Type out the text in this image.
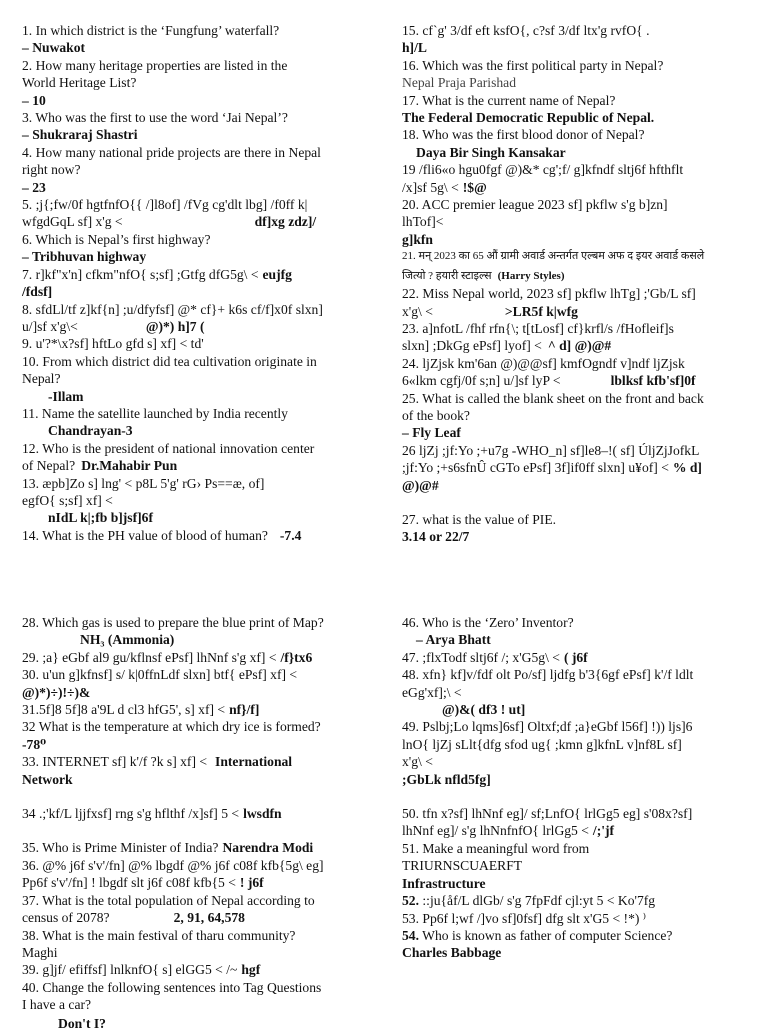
1. In which district is the ‘Fungfung’ waterfall?
– Nuwakot
2. How many heritage properties are listed in the
World Heritage List?
– 10
3. Who was the first to use the word ‘Jai Nepal’?
– Shukraraj Shastri
4. How many national pride projects are there in Nepal
right now?
– 23
5. ;j{;fw/0f hgtfnfO{{ /]l8of] /fVg cg'dlt lbg] /f0ff k|
wfgdGqL sf] x'g <	df]xg zdz]/
6. Which is Nepal’s first highway?
– Tribhuvan highway
7. r]kf"x'n] cfkm"nfO{ s;sf] ;Gtfg dfG5g\ < eujfg
/fdsf]
8. sfdLl/tf z]kf{n] ;u/dfyfsf] @* cf}+ k6s cf/f]x0f slxn]
u/]sf x'g\<	@)*) h]7 (
9. u'?*\x?sf] hftLo gfd s] xf] < td'
10. From which district did tea cultivation originate in
Nepal?
-Illam
11. Name the satellite launched by India recently
Chandrayan-3
12. Who is the president of national innovation center
of Nepal? Dr.Mahabir Pun
13. æpb]Zo s] lng' < p8L 5'g' rG› Ps==æ, of]
egfO{ s;sf] xf] <
nIdL k|;fb b]jsf]6f
14. What is the PH value of blood of human? -7.4
15. cf`g' 3/df eft ksfO{, c?sf 3/df ltx'g rvfO{ .
h]/L
16. Which was the first political party in Nepal?
Nepal Praja Parishad
17. What is the current name of Nepal?
The Federal Democratic Republic of Nepal.
18. Who was the first blood donor of Nepal?
Daya Bir Singh Kansakar
19 /fli6«o hgu0fgf @)&* cg';f/ g]kfndf sltj6f hfthflt
/x]sf 5g\ < !$@
20. ACC premier league 2023 sf] pkflw s'g b]zn]
lhTof]<
g]kfn
21. मन् 2023 का 65 औं ग्रामी अवार्ड अन्तर्गत एल्बम अफ द इयर अवार्ड कसले
जित्यो ? हयारी स्टाइल्स (Harry Styles)
22. Miss Nepal world, 2023 sf] pkflw lhTg] ;'Gb/L sf]
x'g\ <	>LR5f k|wfg
23. a]nfotL /fhf rfn{\; t[tLosf] cf}krfl/s /fHofleif]s
slxn] ;DkGg ePsf] lyof] < ^ d] @)@#
24. ljZjsk km'6an @)@@sf] kmfOgndf v]ndf ljZjsk
6«lkm cgfj/0f s;n] u/]sf lyP <	lblksf kfb'sf]0f
25. What is called the blank sheet on the front and back
of the book?
– Fly Leaf
26 ljZj ;jf:Yo ;+u7g -WHO_n] sf]le8–!( sf] ÚljZjJofkL
;jf:Yo ;+s6sfnÛ cGTo ePsf] 3f]if0ff slxn] u¥of] < % d]
@)@#
27. what is the value of PIE.
3.14 or 22/7
28. Which gas is used to prepare the blue print of Map?
NH₃ (Ammonia)
29. ;a} eGbf al9 gu/kflnsf ePsf] lhNnf s'g xf] < /f}tx6
30. u'un g]kfnsf] s/ k|0ffnLdf slxn] btf{ ePsf] xf] <
@)*)÷)!÷)&
31.5f]8 5f]8 a'9L d cl3 hfG5', s] xf] < nf}/f]
32 What is the temperature at which dry ice is formed?
-78⁰
33. INTERNET sf] k'/f ?k s] xf] < International
Network
34 .;'kf/L ljjfxsf] rng s'g hflthf /x]sf] 5 < lwsdfn
35. Who is Prime Minister of India? Narendra Modi
36. @% j6f s'v'/fn] @% lbgdf @% j6f c08f kfb{5g\ eg]
Pp6f s'v'/fn] ! lbgdf slt j6f c08f kfb{5 < ! j6f
37. What is the total population of Nepal according to
census of 2078?	2, 91, 64,578
38. What is the main festival of tharu community?
Maghi
39. g]jf/ efiffsf] lnlknfO{ s] elGG5 < /~ hgf
40. Change the following sentences into Tag Questions
I have a car?
46. Who is the ‘Zero’ Inventor?
– Arya Bhatt
47. ;flxTodf sltj6f /; x'G5g\ < ( j6f
48. xfn} kf]v/fdf olt Po/sf] ljdfg b'3{6gf ePsf] k'/f ldlt
eGg'xf];\ <
@)&( df3 ! ut]
49. Pslbj;Lo lqms]6sf] Oltxf;df ;a}eGbf l56f] !)) ljs]6
lnO{ ljZj sLlt{dfg sfod ug{ ;kmn g]kfnL v]nf8L sf]
x'g\ <
;GbLk nfld5fg]
50. tfn x?sf] lhNnf eg]/ sf;LnfO{ lrlGg5 eg] s'08x?sf]
lhNnf eg]/ s'g lhNnfnfO{ lrlGg5 < /;'jf
51. Make a meaningful word from
TRIURNSCUAERFT
Infrastructure
52. ::ju{åf/L dlGb/ s'g 7fpFdf cjl:yt 5 < Ko'7fg
53. Pp6f l;wf /]vo sf]0fsf] dfg slt x'G5 < !*) ⁾
54. Who is known as father of computer Science?
Charles Babbage
Don't I?
